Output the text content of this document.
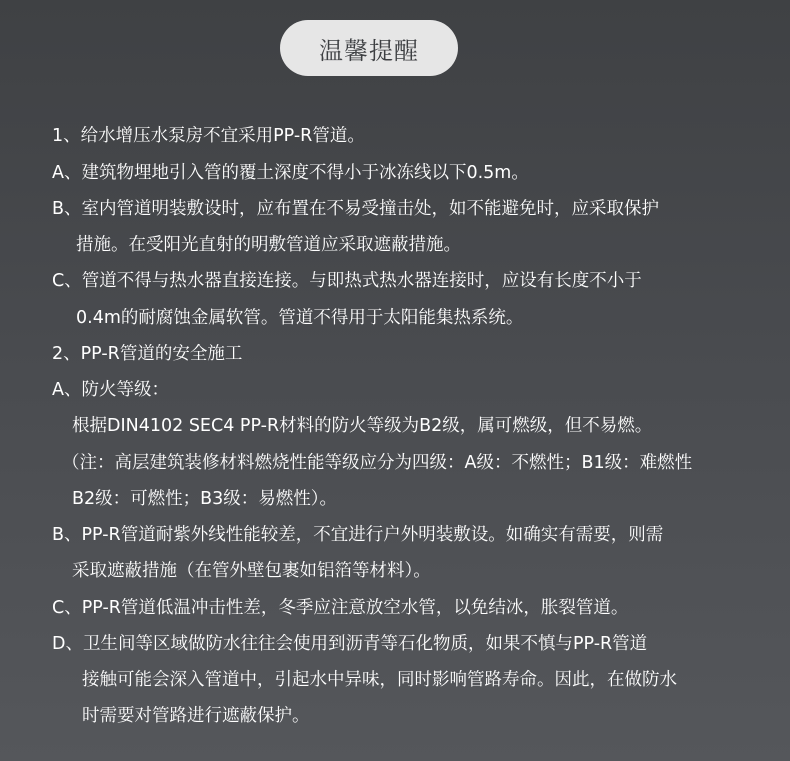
温馨提醒
1、给水增压水泵房不宜采用PP-R管道。
A、建筑物埋地引入管的覆土深度不得小于冰冻线以下0.5m。
B、室内管道明装敷设时，应布置在不易受撞击处，如不能避免时，应采取保护
措施。在受阳光直射的明敷管道应采取遮蔽措施。
C、管道不得与热水器直接连接。与即热式热水器连接时，应设有长度不小于
0.4m的耐腐蚀金属软管。管道不得用于太阳能集热系统。
2、PP-R管道的安全施工
A、防火等级：
根据DIN4102 SEC4 PP-R材料的防火等级为B2级，属可燃级，但不易燃。
（注：高层建筑装修材料燃烧性能等级应分为四级：A级：不燃性；B1级：难燃性
B2级：可燃性；B3级：易燃性）。
B、PP-R管道耐紫外线性能较差，不宜进行户外明装敷设。如确实有需要，则需
采取遮蔽措施（在管外壁包裹如铝箔等材料）。
C、PP-R管道低温冲击性差，冬季应注意放空水管，以免结冰，胀裂管道。
D、卫生间等区域做防水往往会使用到沥青等石化物质，如果不慎与PP-R管道
接触可能会深入管道中，引起水中异味，同时影响管路寿命。因此，在做防水
时需要对管路进行遮蔽保护。
